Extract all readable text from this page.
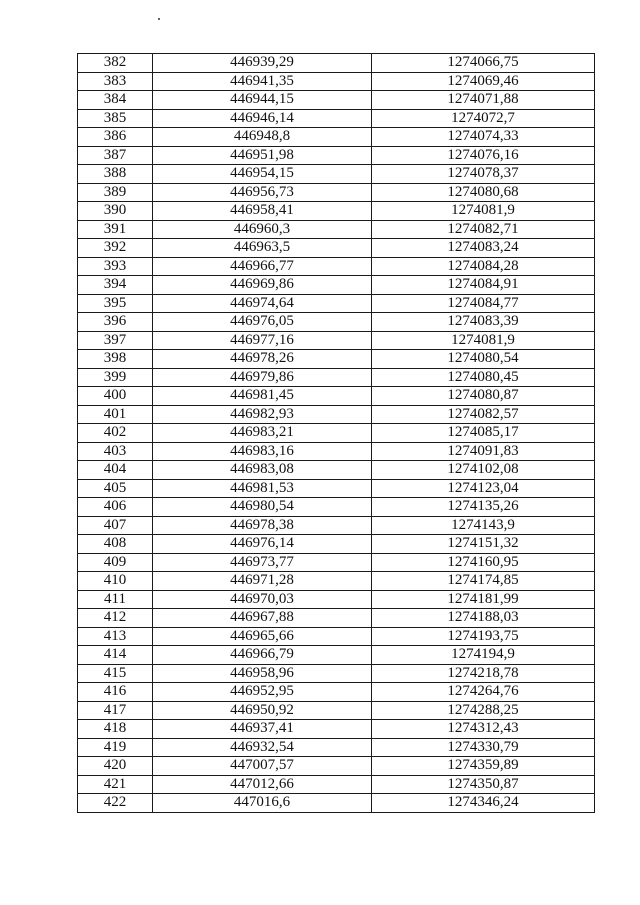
382	446939,29	1274066,75
383	446941,35	1274069,46
384	446944,15	1274071,88
385	446946,14	1274072,7
386	446948,8	1274074,33
387	446951,98	1274076,16
388	446954,15	1274078,37
389	446956,73	1274080,68
390	446958,41	1274081,9
391	446960,3	1274082,71
392	446963,5	1274083,24
393	446966,77	1274084,28
394	446969,86	1274084,91
395	446974,64	1274084,77
396	446976,05	1274083,39
397	446977,16	1274081,9
398	446978,26	1274080,54
399	446979,86	1274080,45
400	446981,45	1274080,87
401	446982,93	1274082,57
402	446983,21	1274085,17
403	446983,16	1274091,83
404	446983,08	1274102,08
405	446981,53	1274123,04
406	446980,54	1274135,26
407	446978,38	1274143,9
408	446976,14	1274151,32
409	446973,77	1274160,95
410	446971,28	1274174,85
411	446970,03	1274181,99
412	446967,88	1274188,03
413	446965,66	1274193,75
414	446966,79	1274194,9
415	446958,96	1274218,78
416	446952,95	1274264,76
417	446950,92	1274288,25
418	446937,41	1274312,43
419	446932,54	1274330,79
420	447007,57	1274359,89
421	447012,66	1274350,87
422	447016,6	1274346,24
